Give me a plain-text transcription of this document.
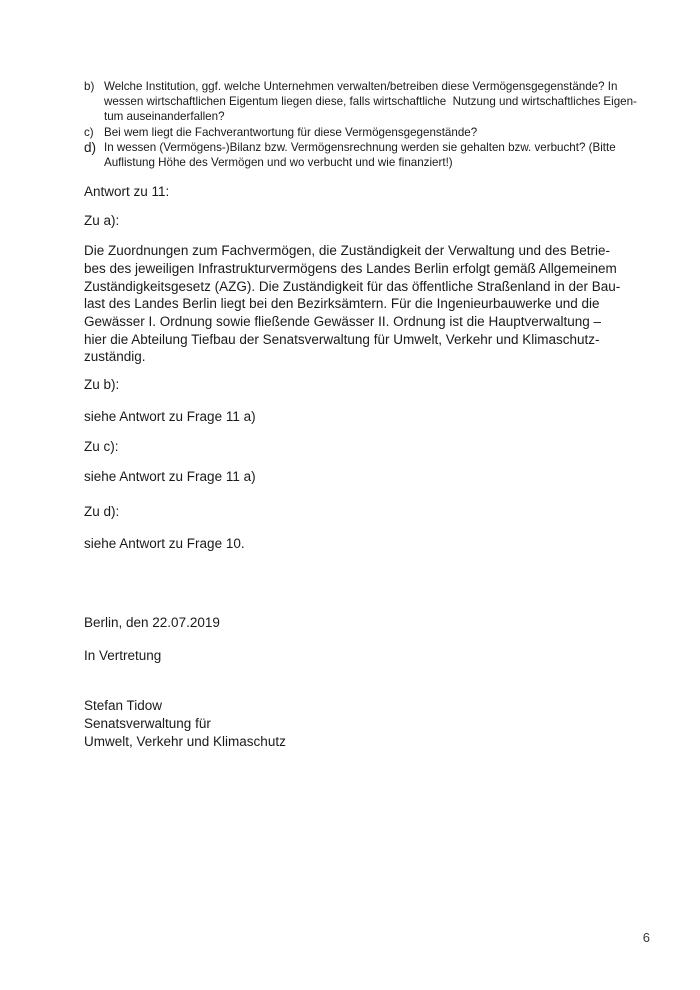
b) Welche Institution, ggf. welche Unternehmen verwalten/betreiben diese Vermögensgegenstände? In
wessen wirtschaftlichen Eigentum liegen diese, falls wirtschaftliche  Nutzung und wirtschaftliches Eigen-
tum auseinanderfallen?
c) Bei wem liegt die Fachverantwortung für diese Vermögensgegenstände?
d) In wessen (Vermögens-)Bilanz bzw. Vermögensrechnung werden sie gehalten bzw. verbucht? (Bitte
Auflistung Höhe des Vermögen und wo verbucht und wie finanziert!)
Antwort zu 11:
Zu a):
Die Zuordnungen zum Fachvermögen, die Zuständigkeit der Verwaltung und des Betrie-
bes des jeweiligen Infrastrukturvermögens des Landes Berlin erfolgt gemäß Allgemeinem
Zuständigkeitsgesetz (AZG). Die Zuständigkeit für das öffentliche Straßenland in der Bau-
last des Landes Berlin liegt bei den Bezirksämtern. Für die Ingenieurbauwerke und die
Gewässer I. Ordnung sowie fließende Gewässer II. Ordnung ist die Hauptverwaltung –
hier die Abteilung Tiefbau der Senatsverwaltung für Umwelt, Verkehr und Klimaschutz-
zuständig.
Zu b):
siehe Antwort zu Frage 11 a)
Zu c):
siehe Antwort zu Frage 11 a)
Zu d):
siehe Antwort zu Frage 10.
Berlin, den 22.07.2019
In Vertretung
Stefan Tidow
Senatsverwaltung für
Umwelt, Verkehr und Klimaschutz
6
